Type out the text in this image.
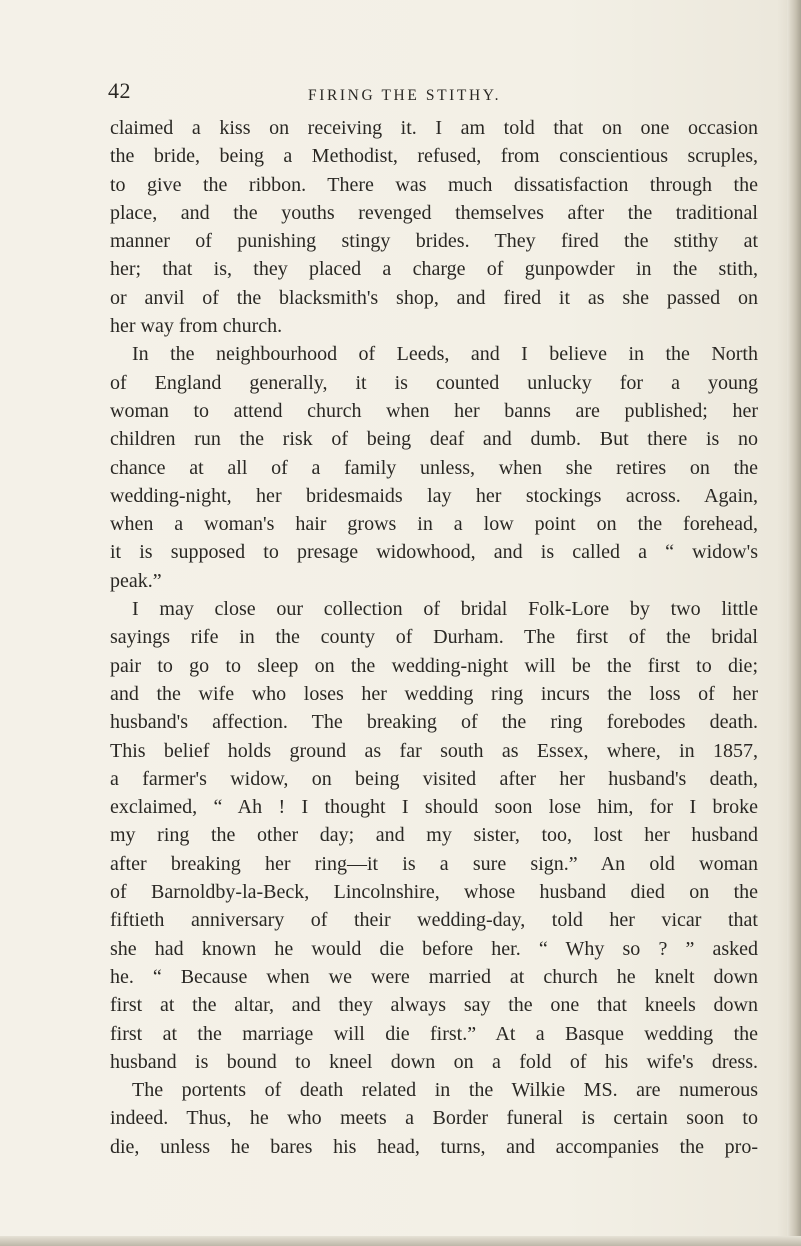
42	FIRING THE STITHY.
claimed a kiss on receiving it. I am told that on one occasion
the bride, being a Methodist, refused, from conscientious scruples,
to give the ribbon. There was much dissatisfaction through the
place, and the youths revenged themselves after the traditional
manner of punishing stingy brides. They fired the stithy at
her; that is, they placed a charge of gunpowder in the stith,
or anvil of the blacksmith's shop, and fired it as she passed on
her way from church.
In the neighbourhood of Leeds, and I believe in the North
of England generally, it is counted unlucky for a young
woman to attend church when her banns are published; her
children run the risk of being deaf and dumb. But there is no
chance at all of a family unless, when she retires on the
wedding-night, her bridesmaids lay her stockings across. Again,
when a woman's hair grows in a low point on the forehead,
it is supposed to presage widowhood, and is called a “ widow's
peak.”
I may close our collection of bridal Folk-Lore by two little
sayings rife in the county of Durham. The first of the bridal
pair to go to sleep on the wedding-night will be the first to die;
and the wife who loses her wedding ring incurs the loss of her
husband's affection. The breaking of the ring forebodes death.
This belief holds ground as far south as Essex, where, in 1857,
a farmer's widow, on being visited after her husband's death,
exclaimed, “ Ah ! I thought I should soon lose him, for I broke
my ring the other day; and my sister, too, lost her husband
after breaking her ring—it is a sure sign.” An old woman
of Barnoldby-la-Beck, Lincolnshire, whose husband died on the
fiftieth anniversary of their wedding-day, told her vicar that
she had known he would die before her. “ Why so ? ” asked
he. “ Because when we were married at church he knelt down
first at the altar, and they always say the one that kneels down
first at the marriage will die first.” At a Basque wedding the
husband is bound to kneel down on a fold of his wife's dress.
The portents of death related in the Wilkie MS. are numerous
indeed. Thus, he who meets a Border funeral is certain soon to
die, unless he bares his head, turns, and accompanies the pro-
